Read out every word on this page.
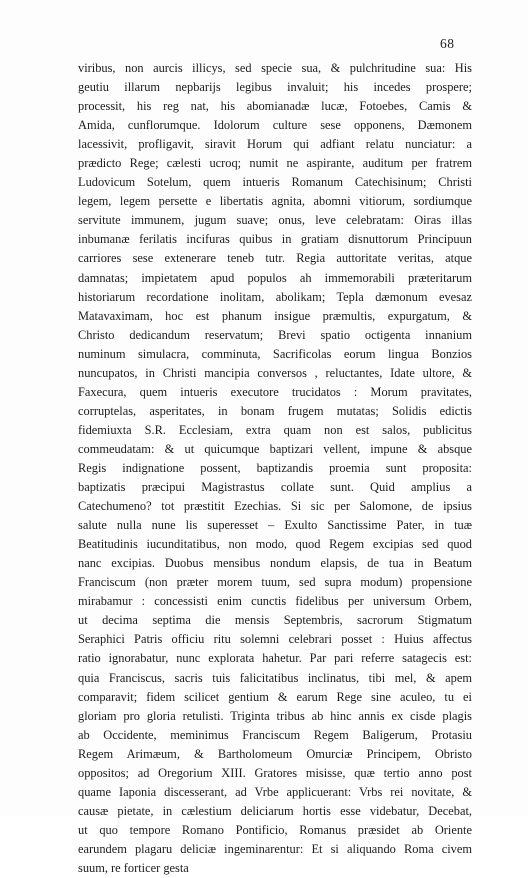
68
viribus, non aurcis illicys, sed specie sua, & pulchritudine sua: His
geutiu illarum nepbarijs legibus invaluit; his incedes prospere;
processit, his reg nat, his abomianadæ lucæ, Fotoebes, Camis &
Amida, cunflorumque. Idolorum culture sese opponens, Dæmonem
lacessivit, profligavit, siravit Horum qui adfiant relatu nunciatur: a
prædicto Rege; cælesti ucroq; numit ne aspirante, auditum per fratrem
Ludovicum Sotelum, quem intueris Romanum Catechisinum; Christi
legem, legem persette e libertatis agnita, abomni vitiorum, sordiumque
servitute immunem, jugum suave; onus, leve celebratam: Oiras illas
inbumanæ ferilatis incifuras quibus in gratiam disnuttorum Principuun
carriores sese extenerare teneb tutr. Regia auttoritate veritas, atque
damnatas; impietatem apud populos ah immemorabili præteritarum
historiarum recordatione inolitam, abolikam; Tepla dæmonum evesaz
Matavaximam, hoc est phanum insigue præmultis, expurgatum, &
Christo dedicandum reservatum; Brevi spatio octigenta innanium
numinum simulacra, comminuta, Sacrificolas eorum lingua Bonzios
nuncupatos, in Christi mancipia conversos , reluctantes, Idate ultore, &
Faxecura, quem intueris executore trucidatos : Morum pravitates,
corruptelas, asperitates, in bonam frugem mutatas; Solidis edictis
fidemiuxta S.R. Ecclesiam, extra quam non est salos, publicitus
commeudatam: & ut quicumque baptizari vellent, impune & absque
Regis indignatione possent, baptizandis proemia sunt proposita:
baptizatis præcipui Magistrastus collate sunt. Quid amplius a
Catechumeno? tot præstitit Ezechias. Si sic per Salomone, de ipsius
salute nulla nune lis superesset – Exulto Sanctissime Pater, in tuæ
Beatitudinis iucunditatibus, non modo, quod Regem excipias sed quod
nanc excipias. Duobus mensibus nondum elapsis, de tua in Beatum
Franciscum (non præter morem tuum, sed supra modum) propensione
mirabamur : concessisti enim cunctis fidelibus per universum Orbem,
ut decima septima die mensis Septembris, sacrorum Stigmatum
Seraphici Patris officiu ritu solemni celebrari posset : Huius affectus
ratio ignorabatur, nunc explorata hahetur. Par pari referre satagecis est:
quia Franciscus, sacris tuis falicitatibus inclinatus, tibi mel, & apem
comparavit; fidem scilicet gentium & earum Rege sine aculeo, tu ei
gloriam pro gloria retulisti. Triginta tribus ab hinc annis ex cisde plagis
ab Occidente, meminimus Franciscum Regem Baligerum, Protasiu
Regem Arimæum, & Bartholomeum Omurciæ Principem, Obristo
oppositos; ad Oregorium XIII. Gratores misisse, quæ tertio anno post
quame Iaponia discesserant, ad Vrbe applicuerant: Vrbs rei novitate, &
causæ pietate, in cælestium deliciarum hortis esse videbatur, Decebat,
ut quo tempore Romano Pontificio, Romanus præsidet ab Oriente
earundem plagaru deliciæ ingeminarentur: Et si aliquando Roma civem
suum, re forticer gesta
